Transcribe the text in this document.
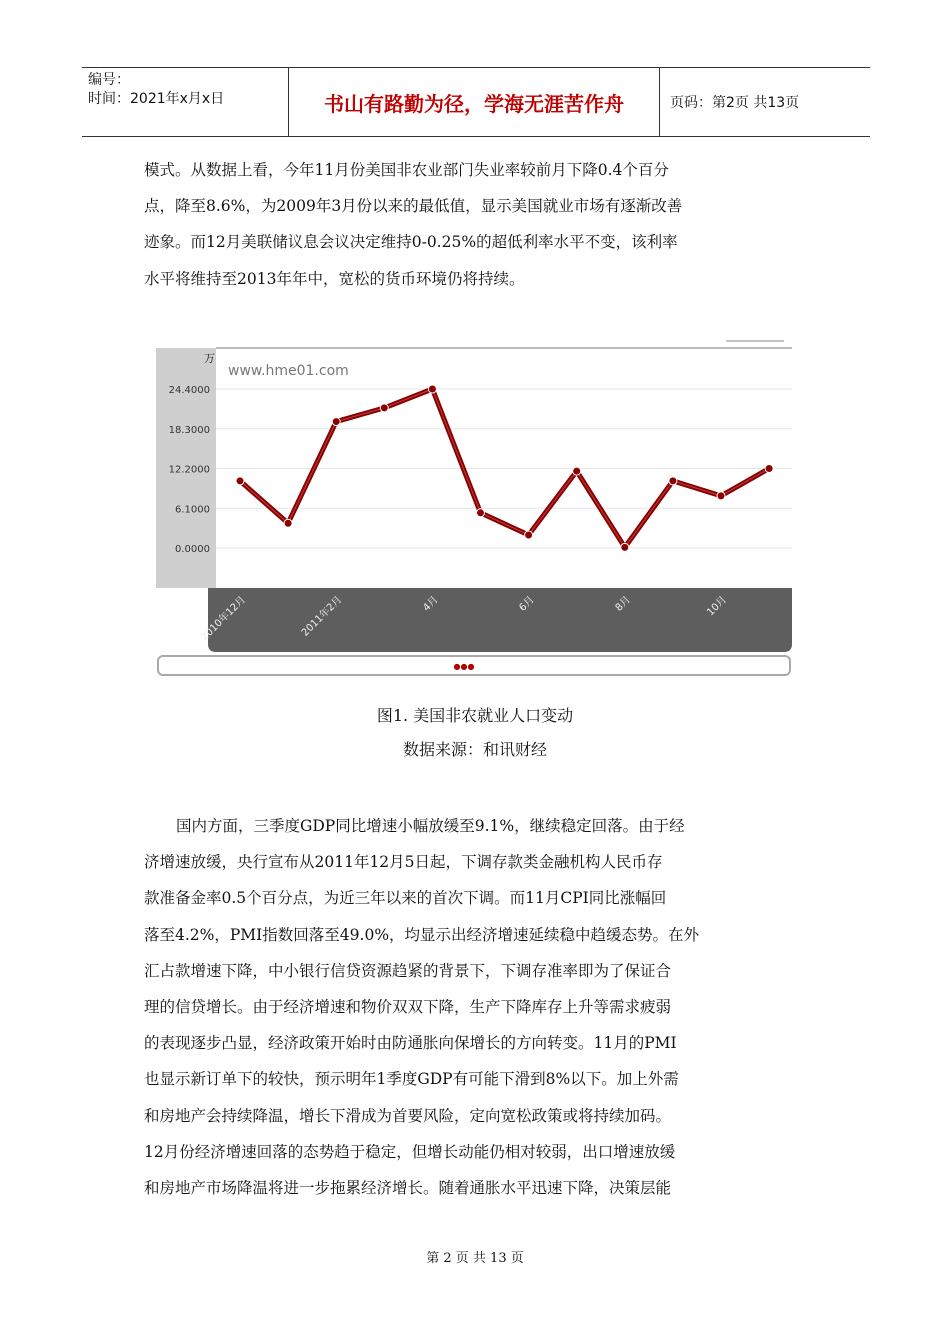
编号：
时间：2021年x月x日	书山有路勤为径，学海无涯苦作舟	页码：第2页 共13页
模式。从数据上看，今年11月份美国非农业部门失业率较前月下降0.4个百分
点，降至8.6%，为2009年3月份以来的最低值，显示美国就业市场有逐渐改善
迹象。而12月美联储议息会议决定维持0-0.25%的超低利率水平不变，该利率
水平将维持至2013年年中，宽松的货币环境仍将持续。
●●●
万
www.hme01.com
24.4000
18.3000
12.2000
6.1000
0.0000
2010年12月	2011年2月	4月	6月	8月	10月
图1. 美国非农就业人口变动
数据来源：和讯财经
国内方面，三季度GDP同比增速小幅放缓至9.1%，继续稳定回落。由于经
济增速放缓，央行宣布从2011年12月5日起，下调存款类金融机构人民币存
款准备金率0.5个百分点，为近三年以来的首次下调。而11月CPI同比涨幅回
落至4.2%，PMI指数回落至49.0%，均显示出经济增速延续稳中趋缓态势。在外
汇占款增速下降，中小银行信贷资源趋紧的背景下，下调存准率即为了保证合
理的信贷增长。由于经济增速和物价双双下降，生产下降库存上升等需求疲弱
的表现逐步凸显，经济政策开始时由防通胀向保增长的方向转变。11月的PMI
也显示新订单下的较快，预示明年1季度GDP有可能下滑到8%以下。加上外需
和房地产会持续降温，增长下滑成为首要风险，定向宽松政策或将持续加码。
12月份经济增速回落的态势趋于稳定，但增长动能仍相对较弱，出口增速放缓
和房地产市场降温将进一步拖累经济增长。随着通胀水平迅速下降，决策层能
第 2 页 共 13 页
